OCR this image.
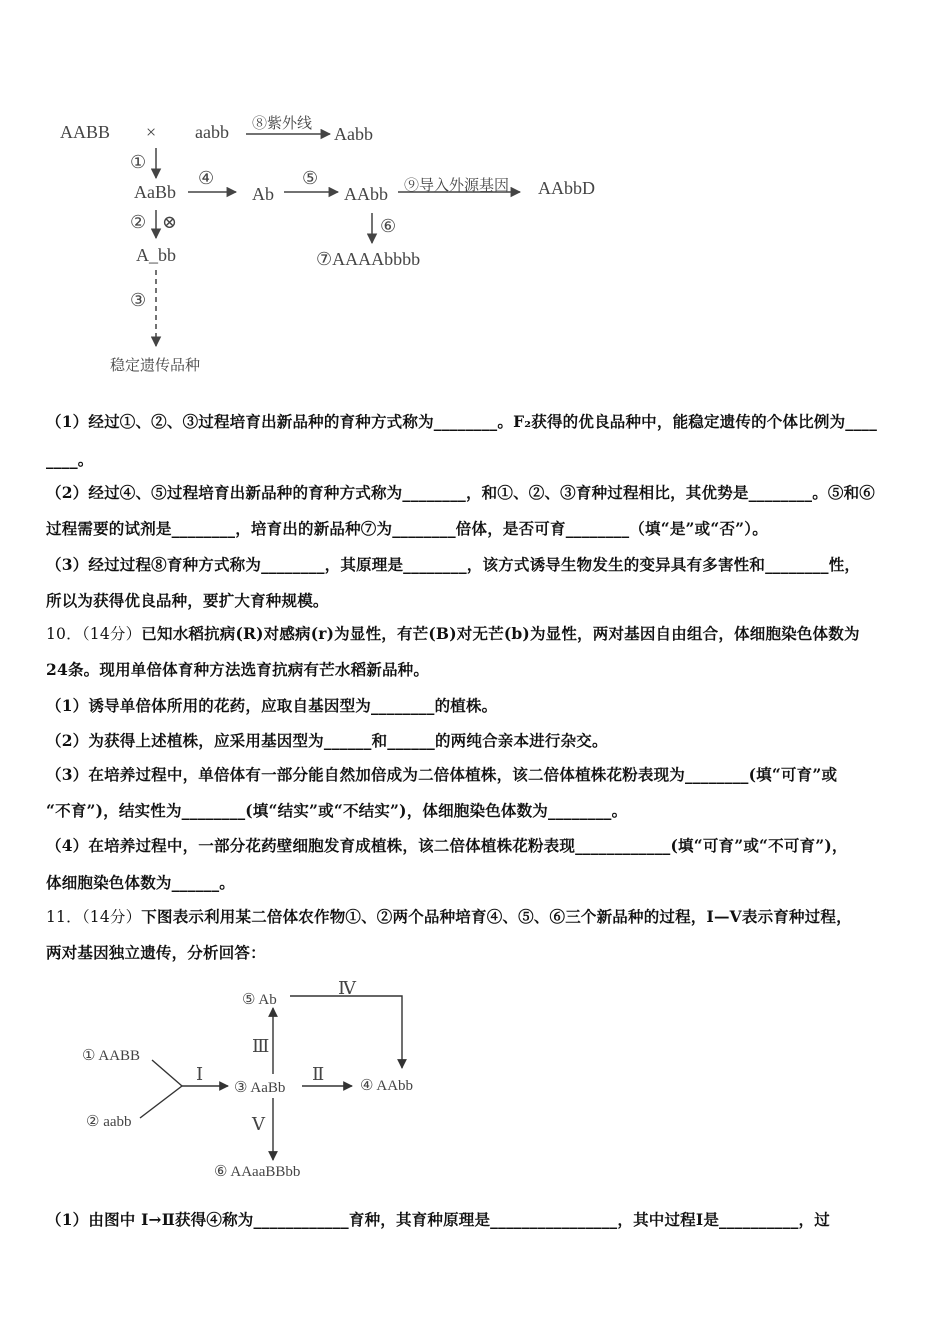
AABB × aabb ⑧紫外线 Aabb
①
AaBb
④
Ab
⑤
AAbb ⑨导入外源基因 AAbbD
② ⊗	⑥
A_bb	⑦AAAAbbbb
③
稳定遗传品种
（1）经过①、②、③过程培育出新品种的育种方式称为________。F₂获得的优良品种中，能稳定遗传的个体比例为____
____。
（2）经过④、⑤过程培育出新品种的育种方式称为________，和①、②、③育种过程相比，其优势是________。⑤和⑥
过程需要的试剂是________，培育出的新品种⑦为________倍体，是否可育________（填“是”或“否”）。
（3）经过过程⑧育种方式称为________，其原理是________，该方式诱导生物发生的变异具有多害性和________性，
所以为获得优良品种，要扩大育种规模。
10．（14分）已知水稻抗病(R)对感病(r)为显性，有芒(B)对无芒(b)为显性，两对基因自由组合，体细胞染色体数为
24条。现用单倍体育种方法选育抗病有芒水稻新品种。
（1）诱导单倍体所用的花药，应取自基因型为________的植株。
（2）为获得上述植株，应采用基因型为______和______的两纯合亲本进行杂交。
（3）在培养过程中，单倍体有一部分能自然加倍成为二倍体植株，该二倍体植株花粉表现为________(填“可育”或
“不育”)，结实性为________(填“结实”或“不结实”)，体细胞染色体数为________。
（4）在培养过程中，一部分花药壁细胞发育成植株，该二倍体植株花粉表现____________(填“可育”或“不可育”)，
体细胞染色体数为______。
11．（14分）下图表示利用某二倍体农作物①、②两个品种培育④、⑤、⑥三个新品种的过程，Ⅰ—Ⅴ表示育种过程，
两对基因独立遗传，分析回答：
⑤ Ab
Ⅳ
Ⅲ
① AABB
Ⅰ
③ AaBb
Ⅱ
④ AAbb
② aabb	Ⅴ
⑥ AAaaBBbb
（1）由图中 Ⅰ→Ⅱ获得④称为____________育种，其育种原理是________________，其中过程Ⅰ是__________，过
